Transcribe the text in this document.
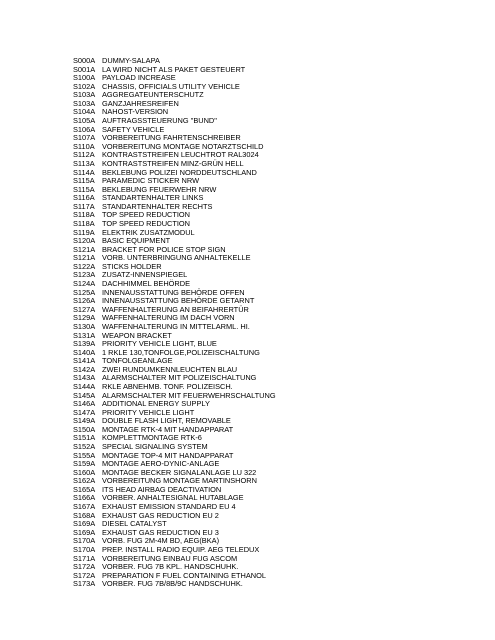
S000A DUMMY-SALAPA
S001A LA WIRD NICHT ALS PAKET GESTEUERT
S100A PAYLOAD INCREASE
S102A CHASSIS, OFFICIALS UTILITY VEHICLE
S103A AGGREGATEUNTERSCHUTZ
S103A GANZJAHRESREIFEN
S104A NAHOST-VERSION
S105A AUFTRAGSSTEUERUNG "BUND"
S106A SAFETY VEHICLE
S107A VORBEREITUNG FAHRTENSCHREIBER
S110A VORBEREITUNG MONTAGE NOTARZTSCHILD
S112A KONTRASTSTREIFEN LEUCHTROT RAL3024
S113A KONTRASTSTREIFEN MINZ-GRÜN HELL
S114A BEKLEBUNG POLIZEI NORDDEUTSCHLAND
S115A PARAMEDIC STICKER NRW
S115A BEKLEBUNG FEUERWEHR NRW
S116A STANDARTENHALTER LINKS
S117A STANDARTENHALTER RECHTS
S118A TOP SPEED REDUCTION
S118A TOP SPEED REDUCTION
S119A ELEKTRIK ZUSATZMODUL
S120A BASIC EQUIPMENT
S121A BRACKET FOR POLICE STOP SIGN
S121A VORB. UNTERBRINGUNG ANHALTEKELLE
S122A STICKS HOLDER
S123A ZUSATZ-INNENSPIEGEL
S124A DACHHIMMEL BEHÖRDE
S125A INNENAUSSTATTUNG BEHÖRDE OFFEN
S126A INNENAUSSTATTUNG BEHÖRDE GETARNT
S127A WAFFENHALTERUNG AN BEIFAHRERTÜR
S129A WAFFENHALTERUNG IM DACH VORN
S130A WAFFENHALTERUNG IN MITTELARML. HI.
S131A WEAPON BRACKET
S139A PRIORITY VEHICLE LIGHT, BLUE
S140A 1 RKLE 130,TONFOLGE,POLIZEISCHALTUNG
S141A TONFOLGEANLAGE
S142A ZWEI RUNDUMKENNLEUCHTEN BLAU
S143A ALARMSCHALTER MIT POLIZEISCHALTUNG
S144A RKLE ABNEHMB. TONF. POLIZEISCH.
S145A ALARMSCHALTER MIT FEUERWEHRSCHALTUNG
S146A ADDITIONAL ENERGY SUPPLY
S147A PRIORITY VEHICLE LIGHT
S149A DOUBLE FLASH LIGHT, REMOVABLE
S150A MONTAGE RTK-4 MIT HANDAPPARAT
S151A KOMPLETTMONTAGE RTK-6
S152A SPECIAL SIGNALING SYSTEM
S155A MONTAGE TOP-4 MIT HANDAPPARAT
S159A MONTAGE AERO-DYNIC-ANLAGE
S160A MONTAGE BECKER SIGNALANLAGE LU 322
S162A VORBEREITUNG MONTAGE MARTINSHORN
S165A ITS HEAD AIRBAG DEACTIVATION
S166A VORBER. ANHALTESIGNAL HUTABLAGE
S167A EXHAUST EMISSION STANDARD EU 4
S168A EXHAUST GAS REDUCTION EU 2
S169A DIESEL CATALYST
S169A EXHAUST GAS REDUCTION EU 3
S170A VORB. FUG 2M-4M BD, AEG(BKA)
S170A PREP. INSTALL RADIO EQUIP. AEG TELEDUX
S171A VORBEREITUNG EINBAU FUG ASCOM
S172A VORBER. FUG 7B KPL. HANDSCHUHK.
S172A PREPARATION F FUEL CONTAINING ETHANOL
S173A VORBER. FUG 7B/8B/9C HANDSCHUHK.
